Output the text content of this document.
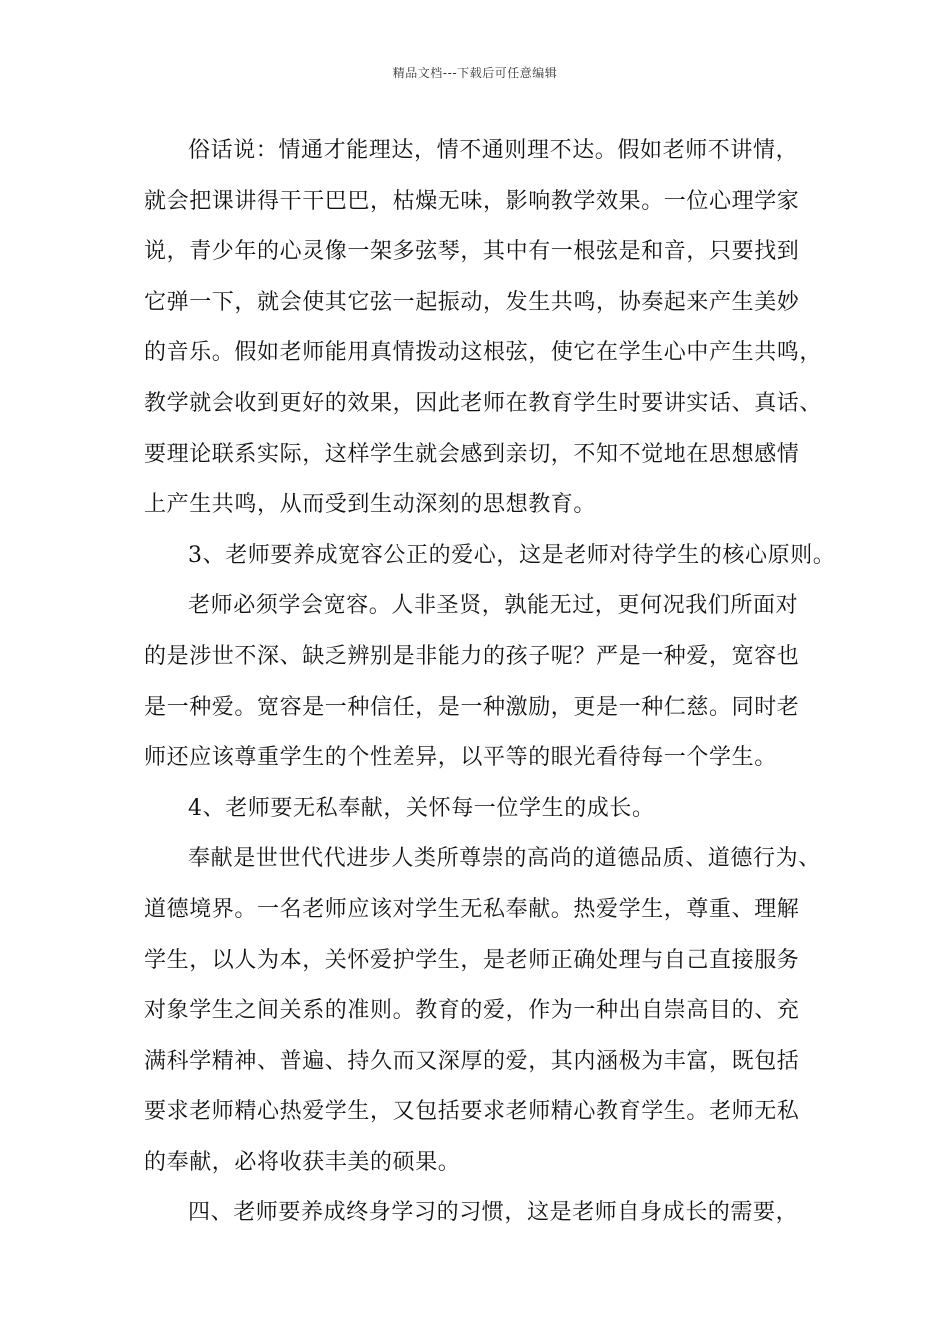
精品文档---下载后可任意编辑
俗话说：情通才能理达，情不通则理不达。假如老师不讲情，
就会把课讲得干干巴巴，枯燥无味，影响教学效果。一位心理学家
说，青少年的心灵像一架多弦琴，其中有一根弦是和音，只要找到
它弹一下，就会使其它弦一起振动，发生共鸣，协奏起来产生美妙
的音乐。假如老师能用真情拨动这根弦，使它在学生心中产生共鸣，
教学就会收到更好的效果，因此老师在教育学生时要讲实话、真话、
要理论联系实际，这样学生就会感到亲切，不知不觉地在思想感情
上产生共鸣，从而受到生动深刻的思想教育。
3、老师要养成宽容公正的爱心，这是老师对待学生的核心原则。
老师必须学会宽容。人非圣贤，孰能无过，更何况我们所面对
的是涉世不深、缺乏辨别是非能力的孩子呢？严是一种爱，宽容也
是一种爱。宽容是一种信任，是一种激励，更是一种仁慈。同时老
师还应该尊重学生的个性差异，以平等的眼光看待每一个学生。
4、老师要无私奉献，关怀每一位学生的成长。
奉献是世世代代进步人类所尊崇的高尚的道德品质、道德行为、
道德境界。一名老师应该对学生无私奉献。热爱学生，尊重、理解
学生，以人为本，关怀爱护学生，是老师正确处理与自己直接服务
对象学生之间关系的准则。教育的爱，作为一种出自崇高目的、充
满科学精神、普遍、持久而又深厚的爱，其内涵极为丰富，既包括
要求老师精心热爱学生，又包括要求老师精心教育学生。老师无私
的奉献，必将收获丰美的硕果。
四、老师要养成终身学习的习惯，这是老师自身成长的需要，
